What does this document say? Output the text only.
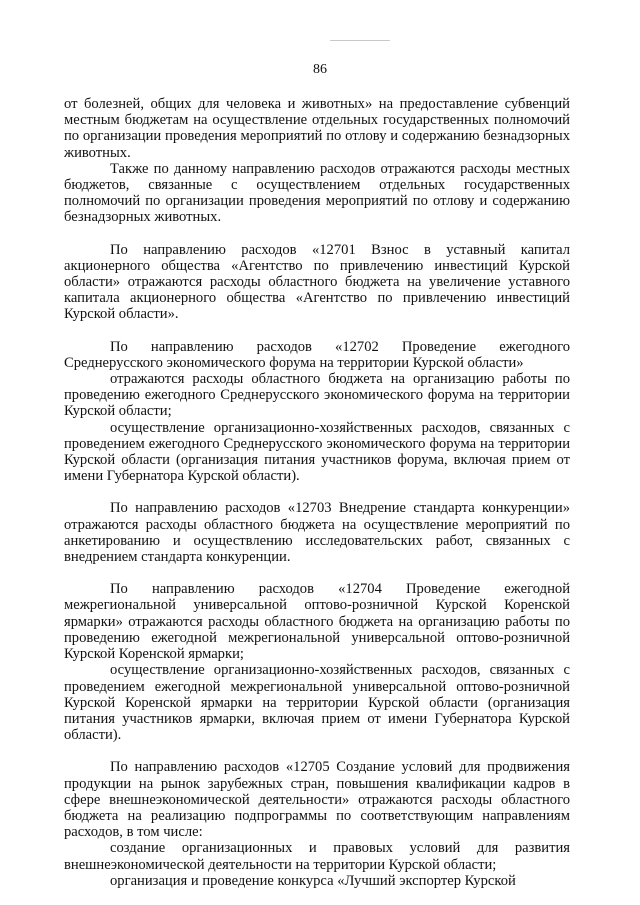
86

от болезней, общих для человека и животных» на предоставление субвенций местным бюджетам на осуществление отдельных государственных полномочий по организации проведения мероприятий по отлову и содержанию безнадзорных животных.

Также по данному направлению расходов отражаются расходы местных бюджетов, связанные с осуществлением отдельных государственных полномочий по организации проведения мероприятий по отлову и содержанию безнадзорных животных.

По направлению расходов «12701 Взнос в уставный капитал акционерного общества «Агентство по привлечению инвестиций Курской области» отражаются расходы областного бюджета на увеличение уставного капитала акционерного общества «Агентство по привлечению инвестиций Курской области».

По направлению расходов «12702 Проведение ежегодного Среднерусского экономического форума на территории Курской области»

отражаются расходы областного бюджета на организацию работы по проведению ежегодного Среднерусского экономического форума на территории Курской области;

осуществление организационно-хозяйственных расходов, связанных с проведением ежегодного Среднерусского экономического форума на территории Курской области (организация питания участников форума, включая прием от имени Губернатора Курской области).

По направлению расходов «12703 Внедрение стандарта конкуренции» отражаются расходы областного бюджета на осуществление мероприятий по анкетированию и осуществлению исследовательских работ, связанных с внедрением стандарта конкуренции.

По направлению расходов «12704 Проведение ежегодной межрегиональной универсальной оптово-розничной Курской Коренской ярмарки» отражаются расходы областного бюджета на организацию работы по проведению ежегодной межрегиональной универсальной оптово-розничной Курской Коренской ярмарки;

осуществление организационно-хозяйственных расходов, связанных с проведением ежегодной межрегиональной универсальной оптово-розничной Курской Коренской ярмарки на территории Курской области (организация питания участников ярмарки, включая прием от имени Губернатора Курской области).

По направлению расходов «12705 Создание условий для продвижения продукции на рынок зарубежных стран, повышения квалификации кадров в сфере внешнеэкономической деятельности» отражаются расходы областного бюджета на реализацию подпрограммы по соответствующим направлениям расходов, в том числе:

создание организационных и правовых условий для развития внешнеэкономической деятельности на территории Курской области;

организация и проведение конкурса «Лучший экспортер Курской
